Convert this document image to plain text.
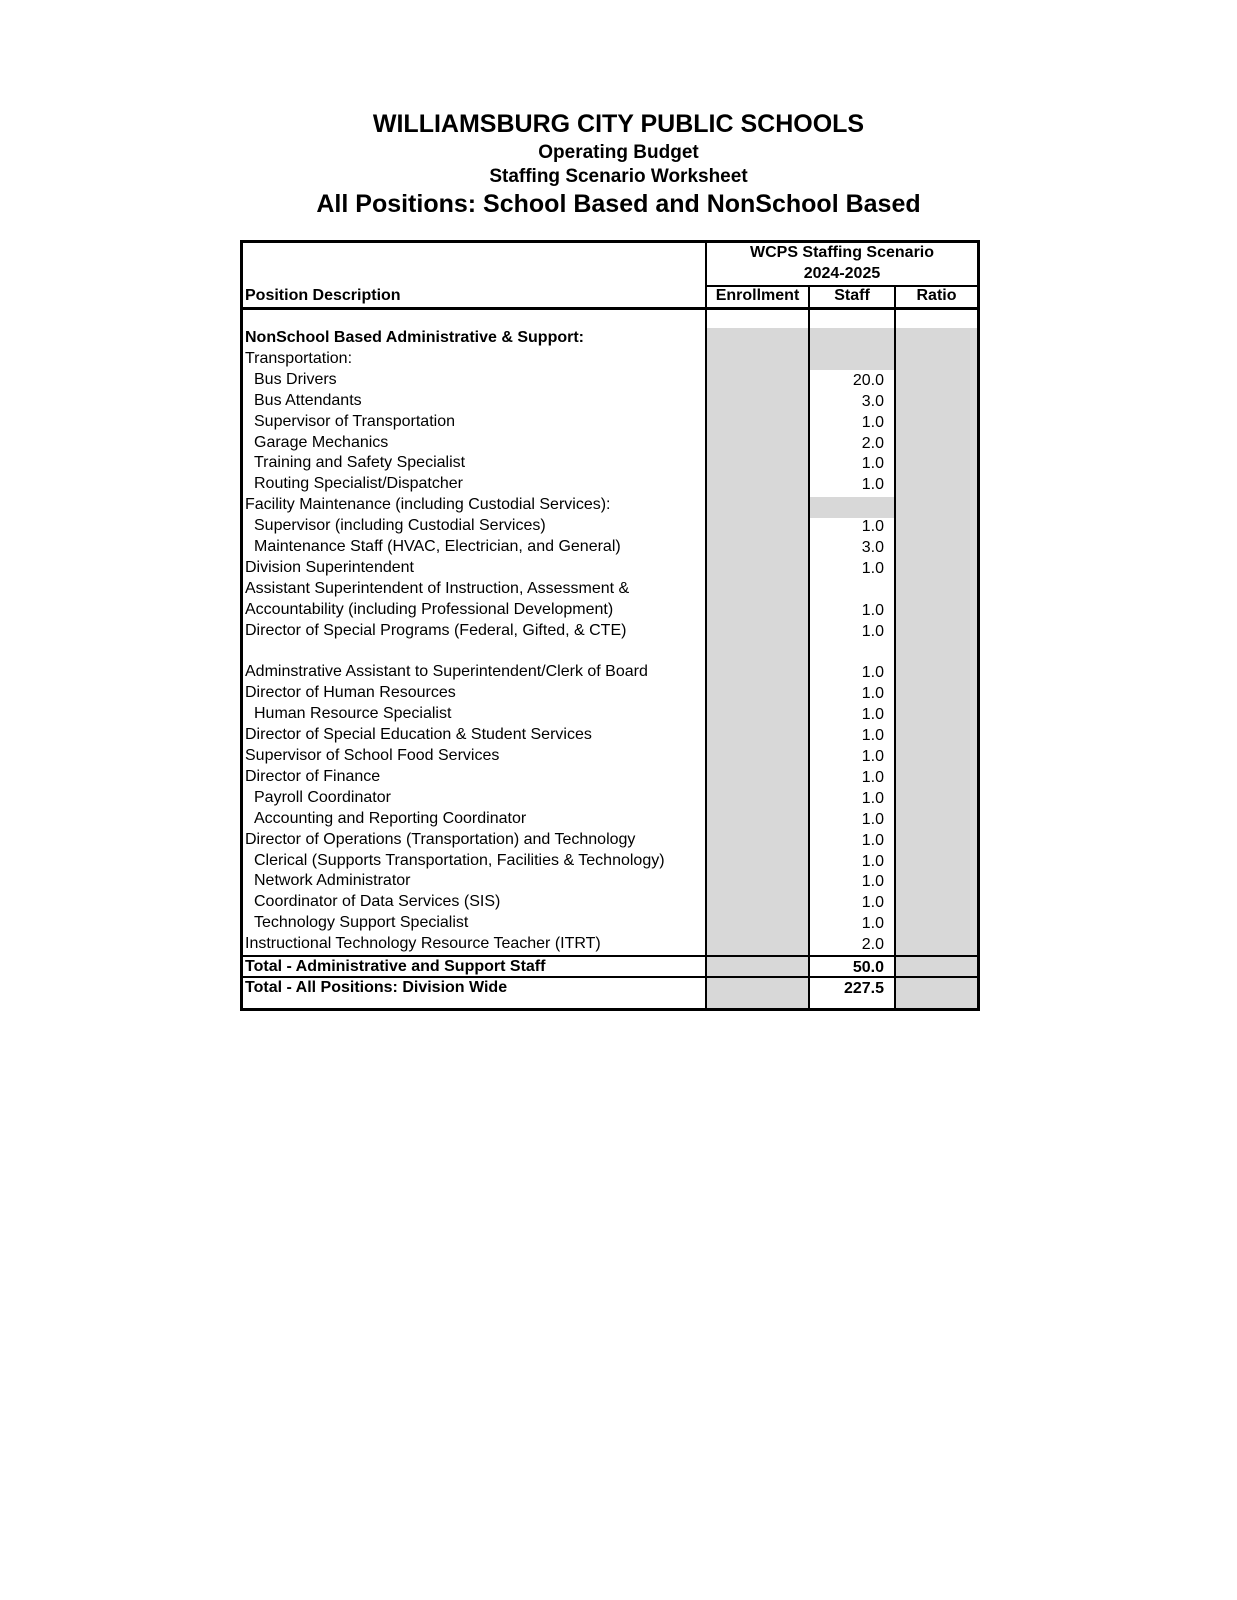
WILLIAMSBURG CITY PUBLIC SCHOOLS
Operating Budget
Staffing Scenario Worksheet
All Positions: School Based and NonSchool Based
Position Description
WCPS Staffing Scenario
2024-2025
Enrollment	Staff	Ratio
NonSchool Based Administrative & Support:
Transportation:
Bus Drivers	20.0
Bus Attendants	3.0
Supervisor of Transportation	1.0
Garage Mechanics	2.0
Training and Safety Specialist	1.0
Routing Specialist/Dispatcher	1.0
Facility Maintenance (including Custodial Services):
Supervisor (including Custodial Services)	1.0
Maintenance Staff (HVAC, Electrician, and General)	3.0
Division Superintendent	1.0
Assistant Superintendent of Instruction, Assessment &
Accountability (including Professional Development)	1.0
Director of Special Programs (Federal, Gifted, & CTE)	1.0
Adminstrative Assistant to Superintendent/Clerk of Board	1.0
Director of Human Resources	1.0
Human Resource Specialist	1.0
Director of Special Education & Student Services	1.0
Supervisor of School Food Services	1.0
Director of Finance	1.0
Payroll Coordinator	1.0
Accounting and Reporting Coordinator	1.0
Director of Operations (Transportation) and Technology	1.0
Clerical (Supports Transportation, Facilities & Technology)	1.0
Network Administrator	1.0
Coordinator of Data Services (SIS)	1.0
Technology Support Specialist	1.0
Instructional Technology Resource Teacher (ITRT)	2.0
Total - Administrative and Support Staff	50.0
Total - All Positions: Division Wide	227.5
